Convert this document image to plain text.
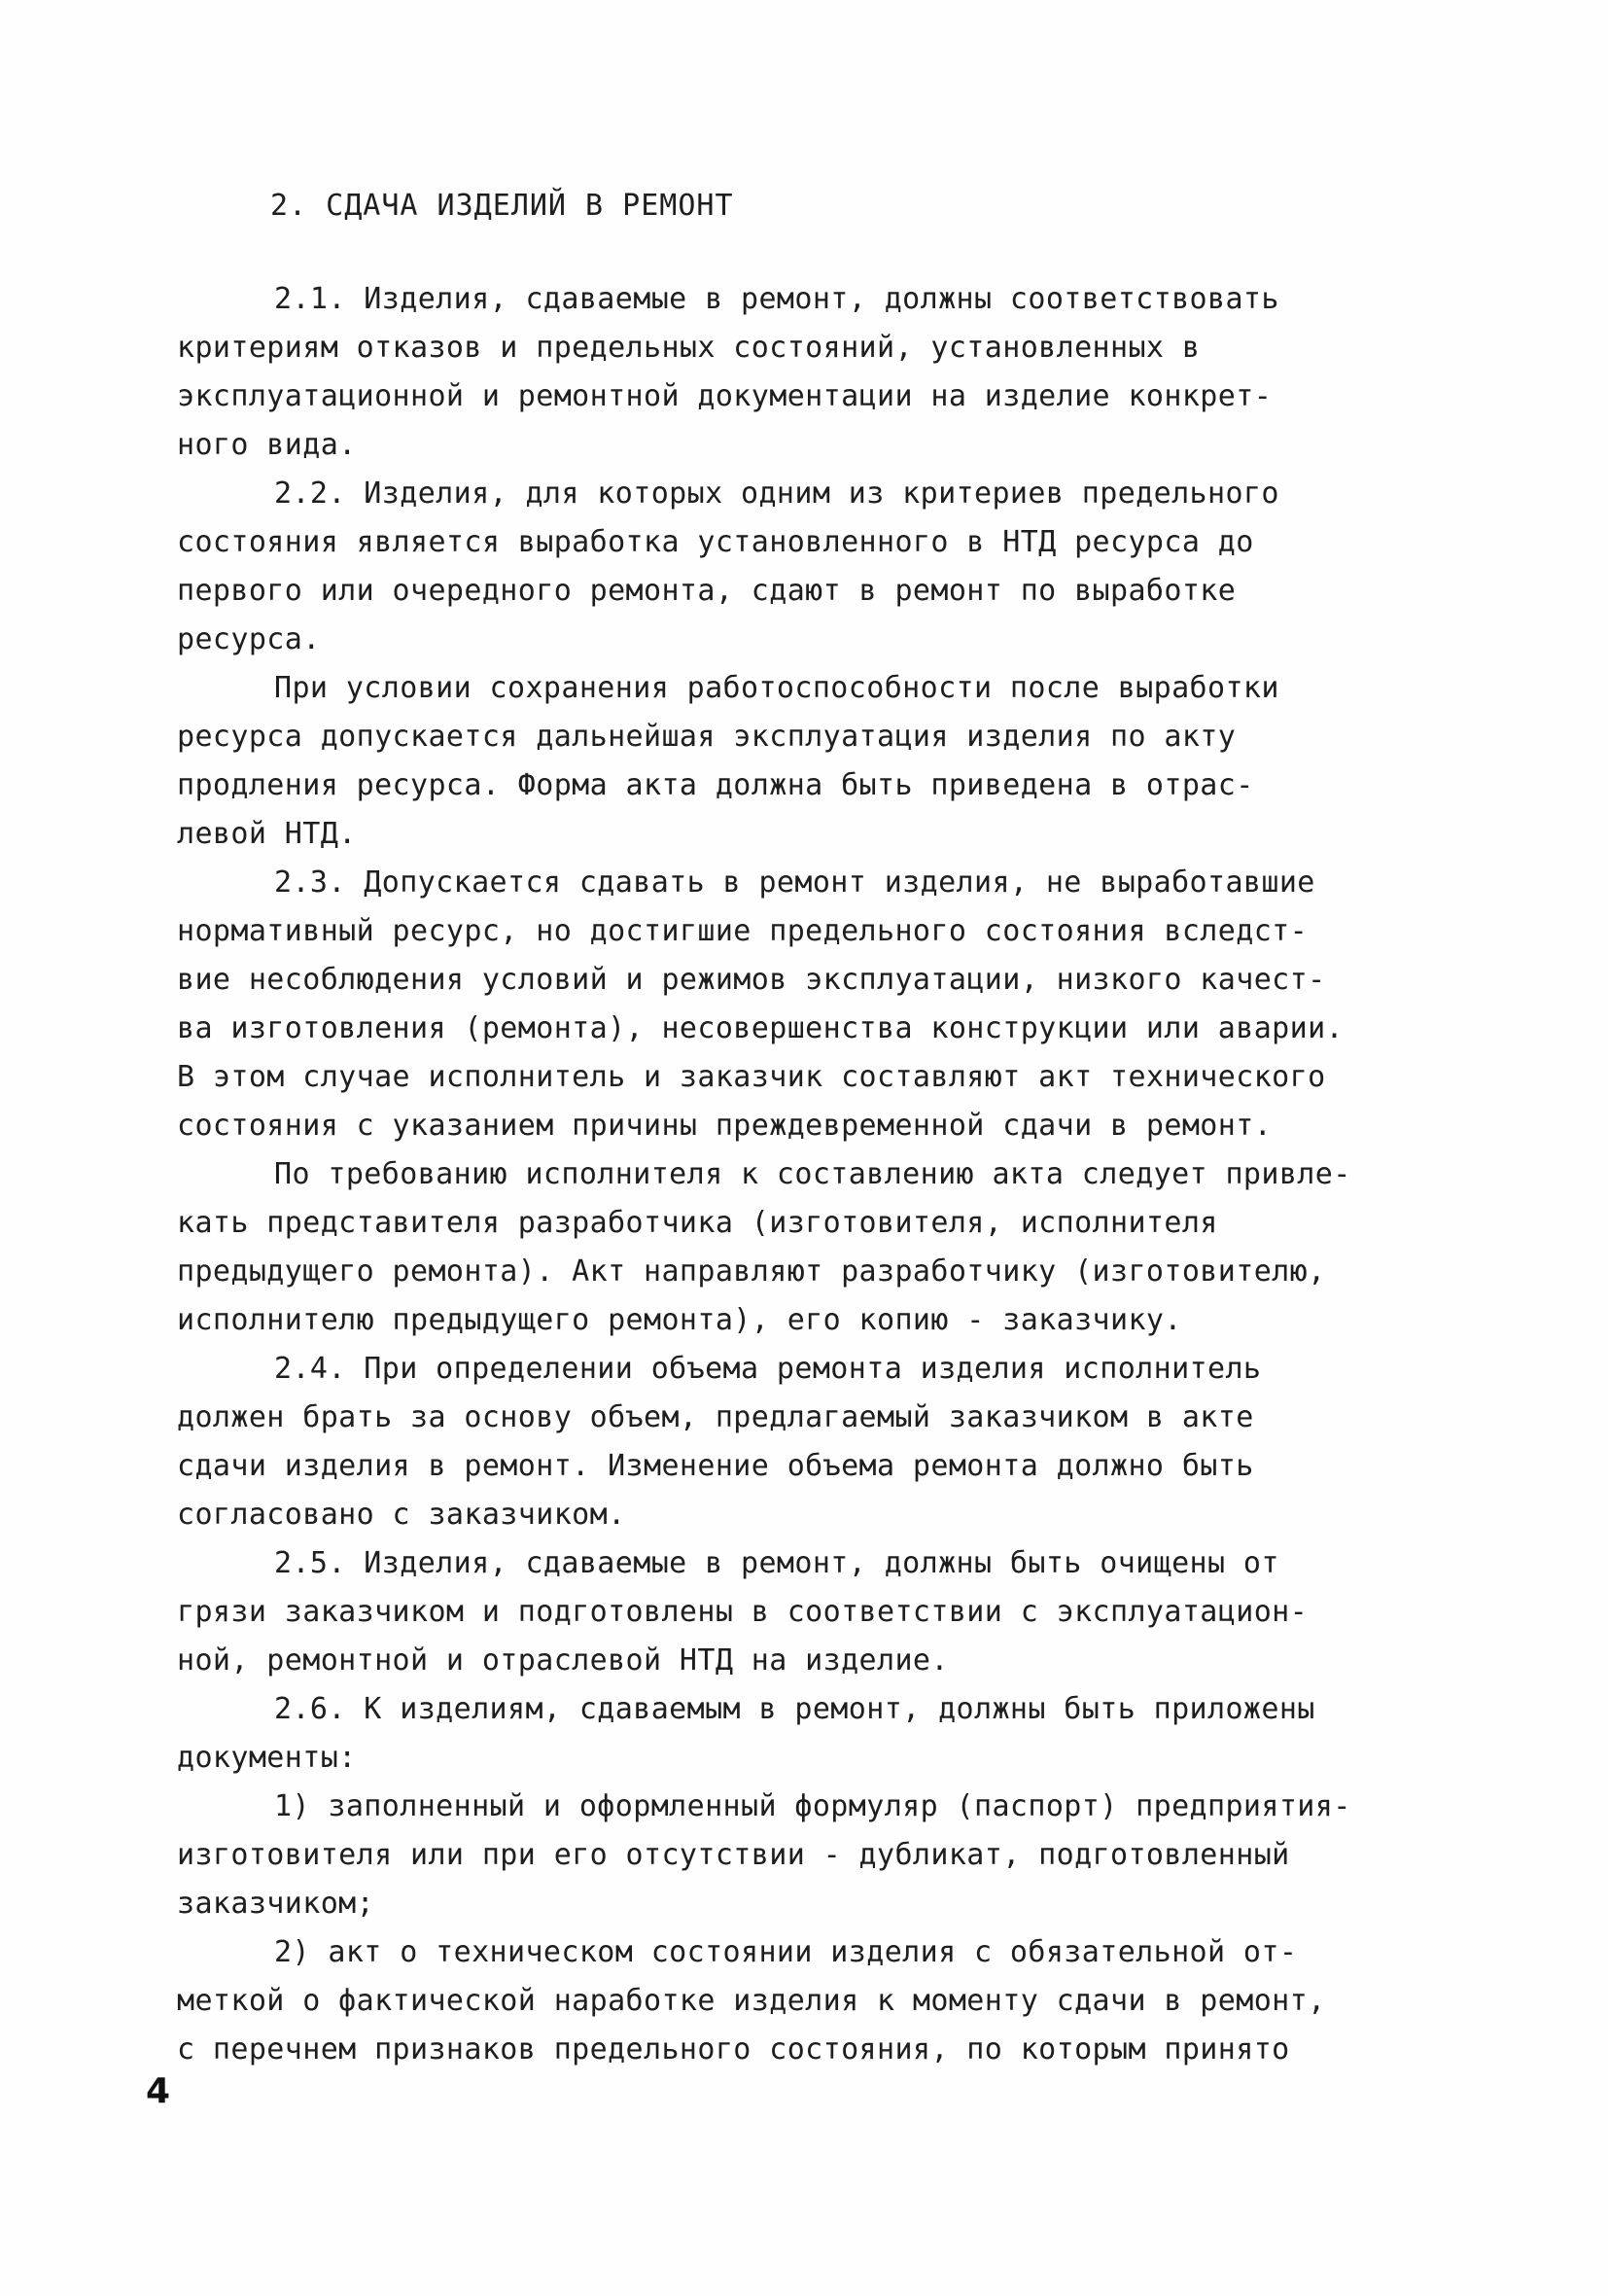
2. СДАЧА ИЗДЕЛИЙ В РЕМОНТ
2.1. Изделия, сдаваемые в ремонт, должны соответствовать
критериям отказов и предельных состояний, установленных в
эксплуатационной и ремонтной документации на изделие конкрет-
ного вида.
2.2. Изделия, для которых одним из критериев предельного
состояния является выработка установленного в НТД ресурса до
первого или очередного ремонта, сдают в ремонт по выработке
ресурса.
При условии сохранения работоспособности после выработки
ресурса допускается дальнейшая эксплуатация изделия по акту
продления ресурса. Форма акта должна быть приведена в отрас-
левой НТД.
2.3. Допускается сдавать в ремонт изделия, не выработавшие
нормативный ресурс, но достигшие предельного состояния вследст-
вие несоблюдения условий и режимов эксплуатации, низкого качест-
ва изготовления (ремонта), несовершенства конструкции или аварии.
В этом случае исполнитель и заказчик составляют акт технического
состояния с указанием причины преждевременной сдачи в ремонт.
По требованию исполнителя к составлению акта следует привле-
кать представителя разработчика (изготовителя, исполнителя
предыдущего ремонта). Акт направляют разработчику (изготовителю,
исполнителю предыдущего ремонта), его копию - заказчику.
2.4. При определении объема ремонта изделия исполнитель
должен брать за основу объем, предлагаемый заказчиком в акте
сдачи изделия в ремонт. Изменение объема ремонта должно быть
согласовано с заказчиком.
2.5. Изделия, сдаваемые в ремонт, должны быть очищены от
грязи заказчиком и подготовлены в соответствии с эксплуатацион-
ной, ремонтной и отраслевой НТД на изделие.
2.6. К изделиям, сдаваемым в ремонт, должны быть приложены
документы:
1) заполненный и оформленный формуляр (паспорт) предприятия-
изготовителя или при его отсутствии - дубликат, подготовленный
заказчиком;
2) акт о техническом состоянии изделия с обязательной от-
меткой о фактической наработке изделия к моменту сдачи в ремонт,
с перечнем признаков предельного состояния, по которым принято
4
